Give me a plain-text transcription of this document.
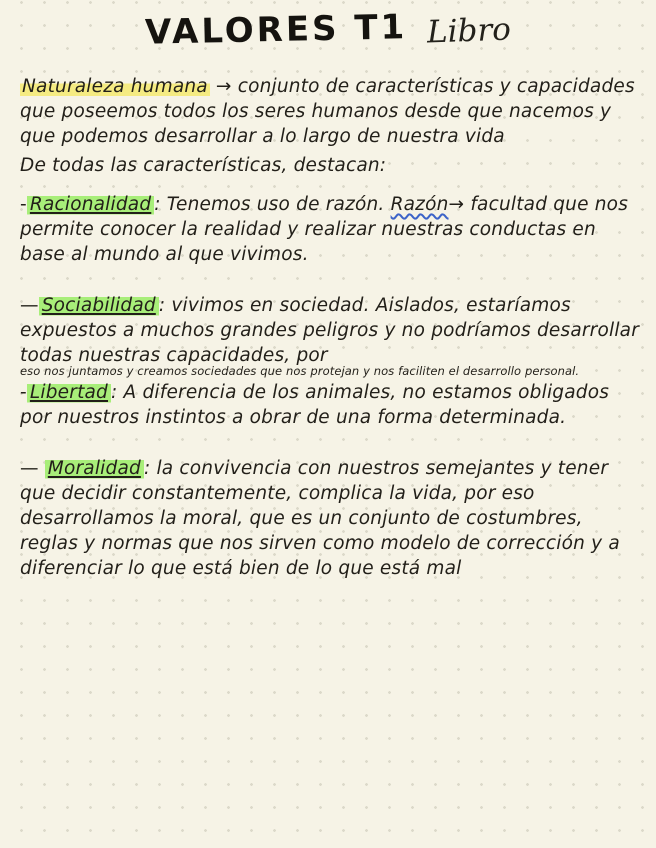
VALORES T1 Libro

Naturaleza humana → conjunto de características y capacidades que poseemos todos los seres humanos desde que nacemos y que podemos desarrollar a lo largo de nuestra vida

De todas las características, destacan:

- Racionalidad : Tenemos uso de razón. Razón→ facultad que nos permite conocer la realidad y realizar nuestras conductas en base al mundo al que vivimos.

— Sociabilidad : vivimos en sociedad. Aislados, estaríamos expuestos a muchos grandes peligros y no podríamos desarrollar todas nuestras capacidades, por
eso nos juntamos y creamos sociedades que nos protejan y nos faciliten el desarrollo personal.

- Libertad : A diferencia de los animales, no estamos obligados por nuestros instintos a obrar de una forma determinada.

— Moralidad : la convivencia con nuestros semejantes y tener que decidir constantemente, complica la vida, por eso desarrollamos la moral, que es un conjunto de costumbres, reglas y normas que nos sirven como modelo de corrección y a diferenciar lo que está bien de lo que está mal
